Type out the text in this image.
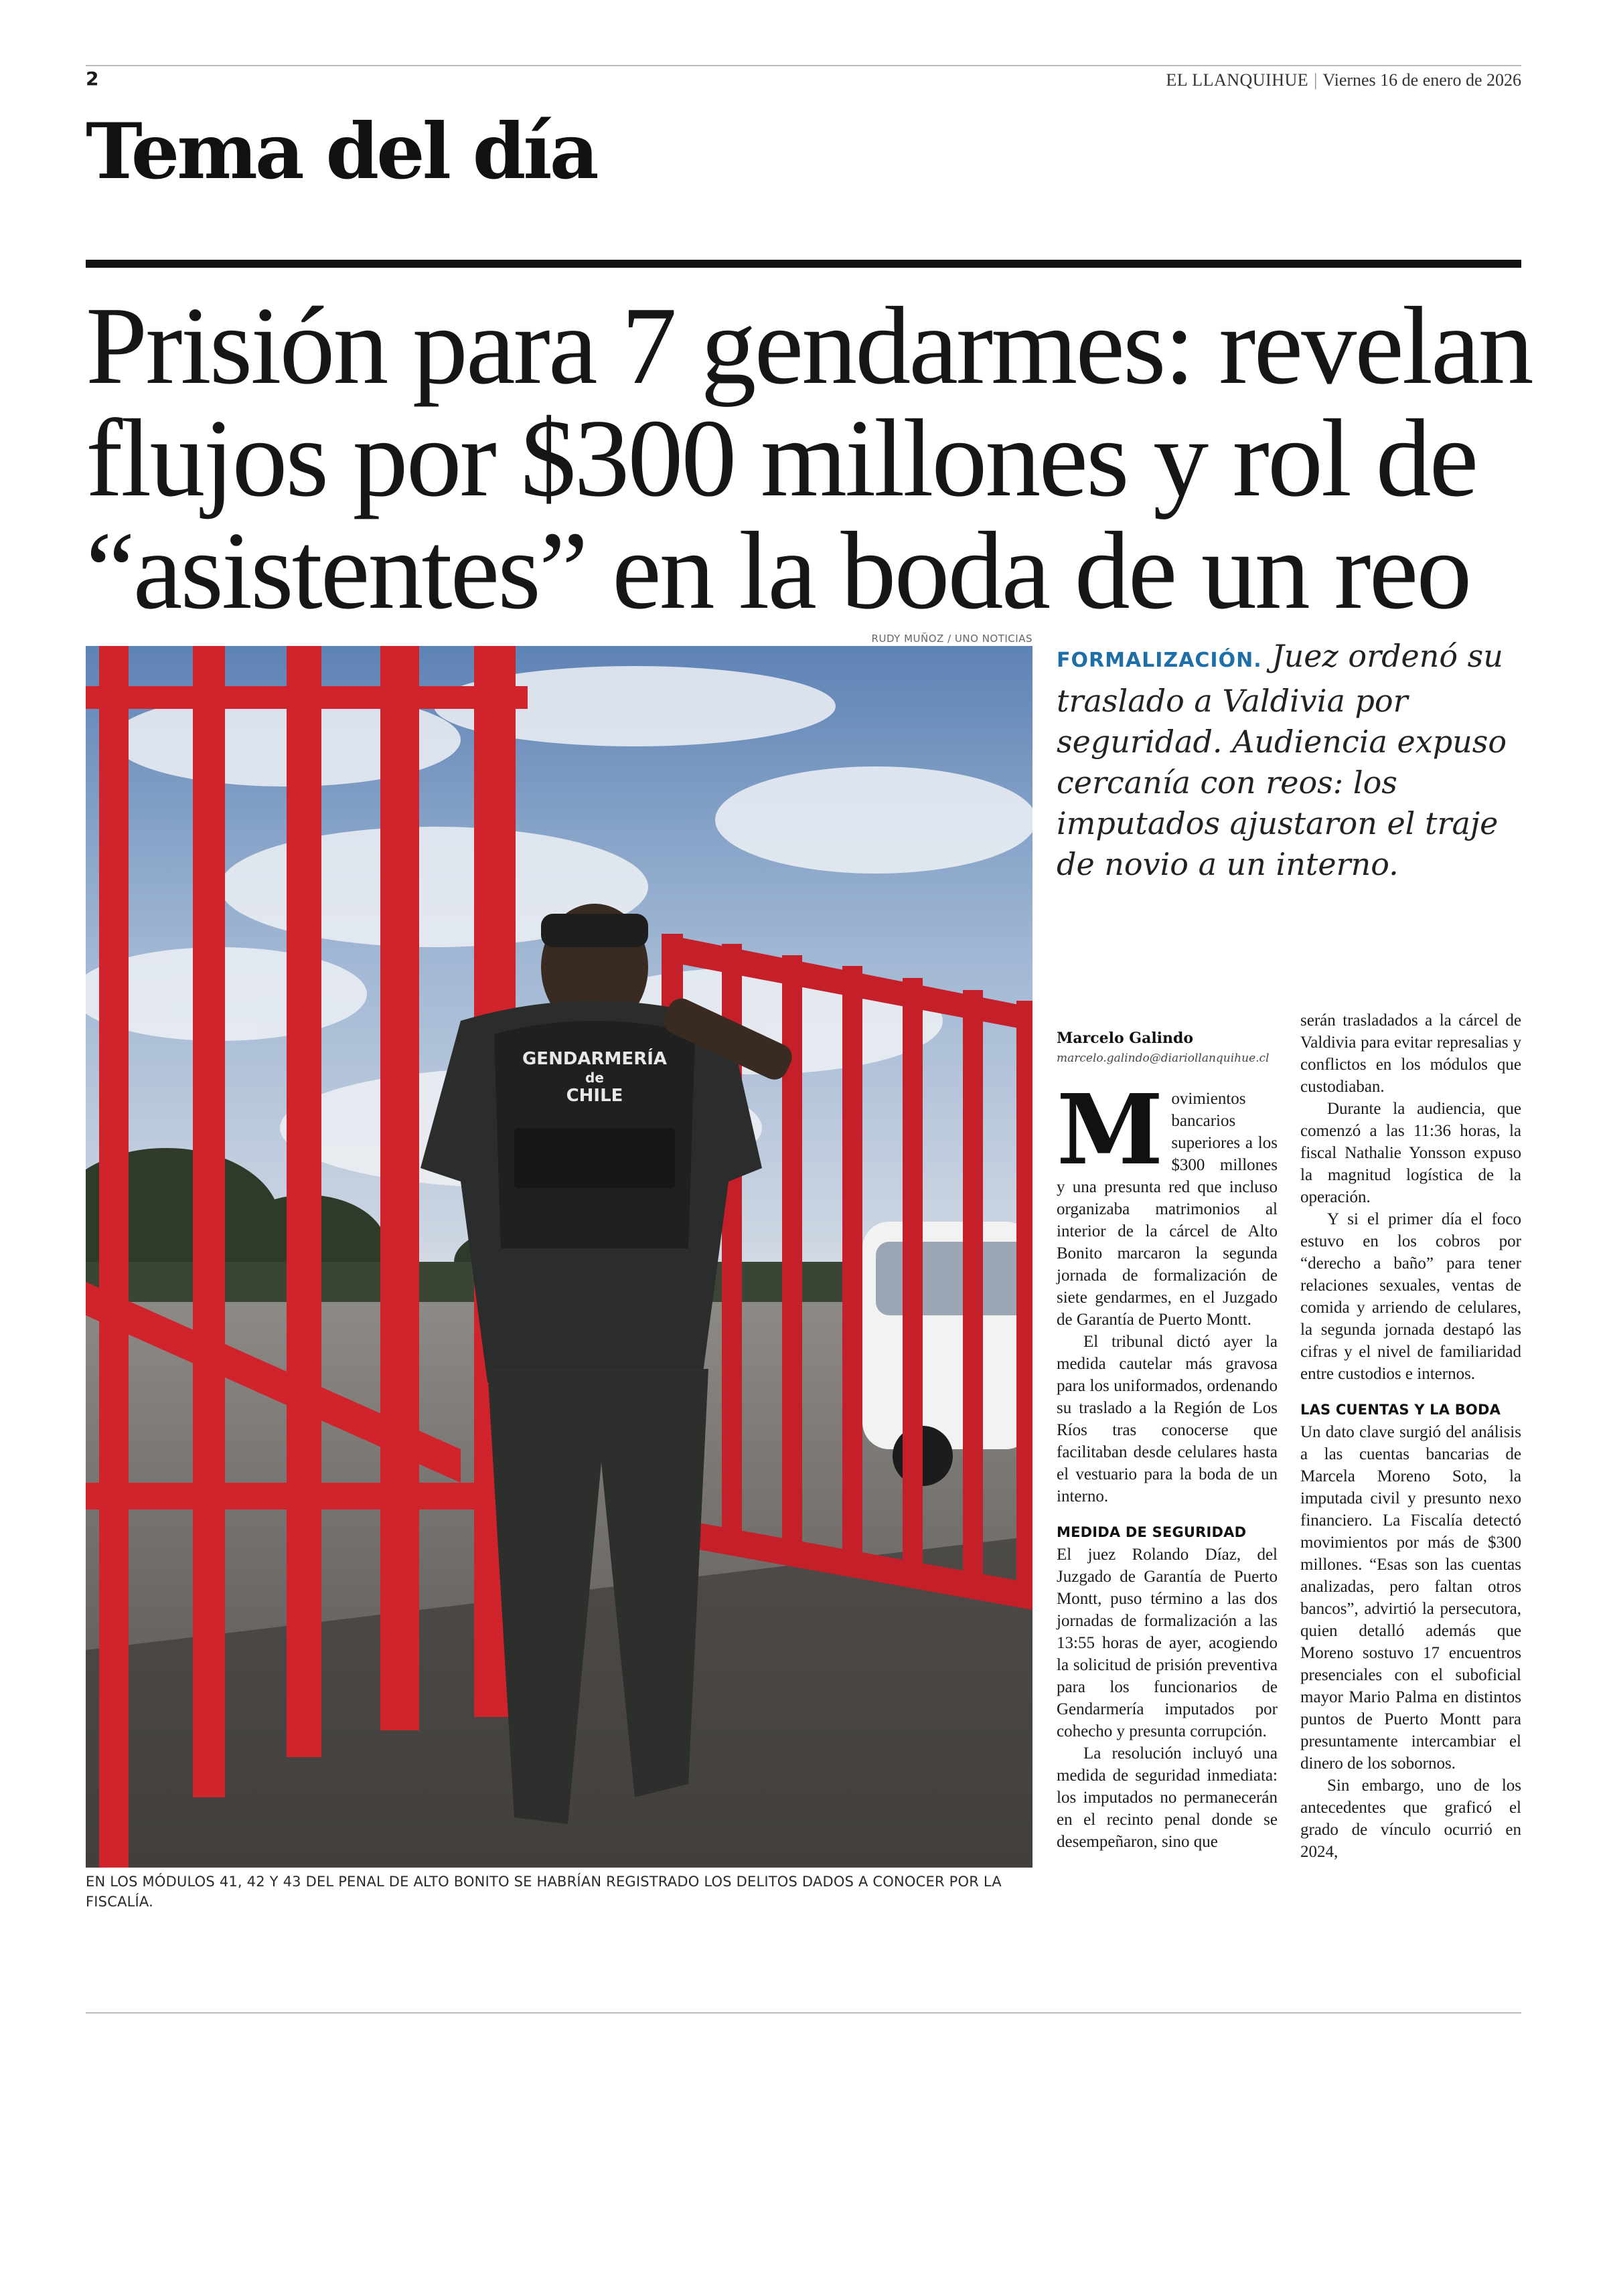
2	EL LLANQUIHUE | Viernes 16 de enero de 2026
Tema del día
Prisión para 7 gendarmes: revelan flujos por $300 millones y rol de “asistentes” en la boda de un reo
RUDY MUÑOZ / UNO NOTICIAS
GENDARMERÍA
de
CHILE
EN LOS MÓDULOS 41, 42 Y 43 DEL PENAL DE ALTO BONITO SE HABRÍAN REGISTRADO LOS DELITOS DADOS A CONOCER POR LA FISCALÍA.

FORMALIZACIÓN. Juez ordenó su traslado a Valdivia por seguridad. Audiencia expuso cercanía con reos: los imputados ajustaron el traje de novio a un interno.

Marcelo Galindo
marcelo.galindo@diariollanquihue.cl

Movimientos bancarios superiores a los $300 millones y una presunta red que incluso organizaba matrimonios al interior de la cárcel de Alto Bonito marcaron la segunda jornada de formalización de siete gendarmes, en el Juzgado de Garantía de Puerto Montt.

El tribunal dictó ayer la medida cautelar más gravosa para los uniformados, ordenando su traslado a la Región de Los Ríos tras conocerse que facilitaban desde celulares hasta el vestuario para la boda de un interno.

MEDIDA DE SEGURIDAD

El juez Rolando Díaz, del Juzgado de Garantía de Puerto Montt, puso término a las dos jornadas de formalización a las 13:55 horas de ayer, acogiendo la solicitud de prisión preventiva para los funcionarios de Gendarmería imputados por cohecho y presunta corrupción.

La resolución incluyó una medida de seguridad inmediata: los imputados no permanecerán en el recinto penal donde se desempeñaron, sino que

serán trasladados a la cárcel de Valdivia para evitar represalias y conflictos en los módulos que custodiaban.

Durante la audiencia, que comenzó a las 11:36 horas, la fiscal Nathalie Yonsson expuso la magnitud logística de la operación.

Y si el primer día el foco estuvo en los cobros por “derecho a baño” para tener relaciones sexuales, ventas de comida y arriendo de celulares, la segunda jornada destapó las cifras y el nivel de familiaridad entre custodios e internos.

LAS CUENTAS Y LA BODA

Un dato clave surgió del análisis a las cuentas bancarias de Marcela Moreno Soto, la imputada civil y presunto nexo financiero. La Fiscalía detectó movimientos por más de $300 millones. “Esas son las cuentas analizadas, pero faltan otros bancos”, advirtió la persecutora, quien detalló además que Moreno sostuvo 17 encuentros presenciales con el suboficial mayor Mario Palma en distintos puntos de Puerto Montt para presuntamente intercambiar el dinero de los sobornos.

Sin embargo, uno de los antecedentes que graficó el grado de vínculo ocurrió en 2024,
